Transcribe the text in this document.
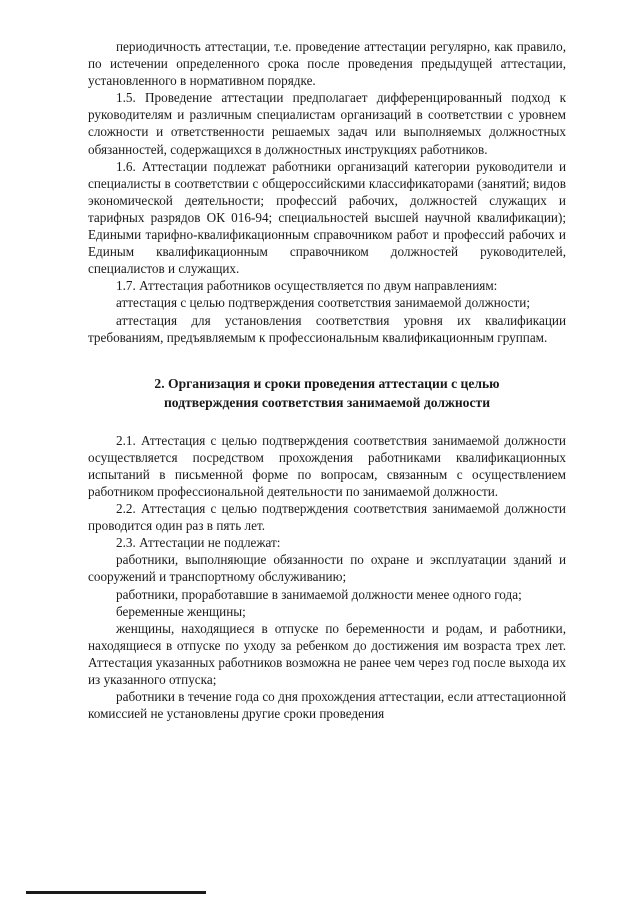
периодичность аттестации, т.е. проведение аттестации регулярно, как правило, по истечении определенного срока после проведения предыдущей аттестации, установленного в нормативном порядке.

1.5. Проведение аттестации предполагает дифференцированный подход к руководителям и различным специалистам организаций в соответствии с уровнем сложности и ответственности решаемых задач или выполняемых должностных обязанностей, содержащихся в должностных инструкциях работников.

1.6. Аттестации подлежат работники организаций категории руководители и специалисты в соответствии с общероссийскими классификаторами (занятий; видов экономической деятельности; профессий рабочих, должностей служащих и тарифных разрядов ОК 016-94; специальностей высшей научной квалификации); Едиными тарифно-квалификационным справочником работ и профессий рабочих и Единым квалификационным справочником должностей руководителей, специалистов и служащих.

1.7. Аттестация работников осуществляется по двум направлениям:

аттестация с целью подтверждения соответствия занимаемой должности;

аттестация для установления соответствия уровня их квалификации требованиям, предъявляемым к профессиональным квалификационным группам.

2. Организация и сроки проведения аттестации с целью
подтверждения соответствия занимаемой должности

2.1. Аттестация с целью подтверждения соответствия занимаемой должности осуществляется посредством прохождения работниками квалификационных испытаний в письменной форме по вопросам, связанным с осуществлением работником профессиональной деятельности по занимаемой должности.

2.2. Аттестация с целью подтверждения соответствия занимаемой должности проводится один раз в пять лет.

2.3. Аттестации не подлежат:

работники, выполняющие обязанности по охране и эксплуатации зданий и сооружений и транспортному обслуживанию;

работники, проработавшие в занимаемой должности менее одного года;

беременные женщины;

женщины, находящиеся в отпуске по беременности и родам, и работники, находящиеся в отпуске по уходу за ребенком до достижения им возраста трех лет. Аттестация указанных работников возможна не ранее чем через год после выхода их из указанного отпуска;

работники в течение года со дня прохождения аттестации, если аттестационной комиссией не установлены другие сроки проведения
